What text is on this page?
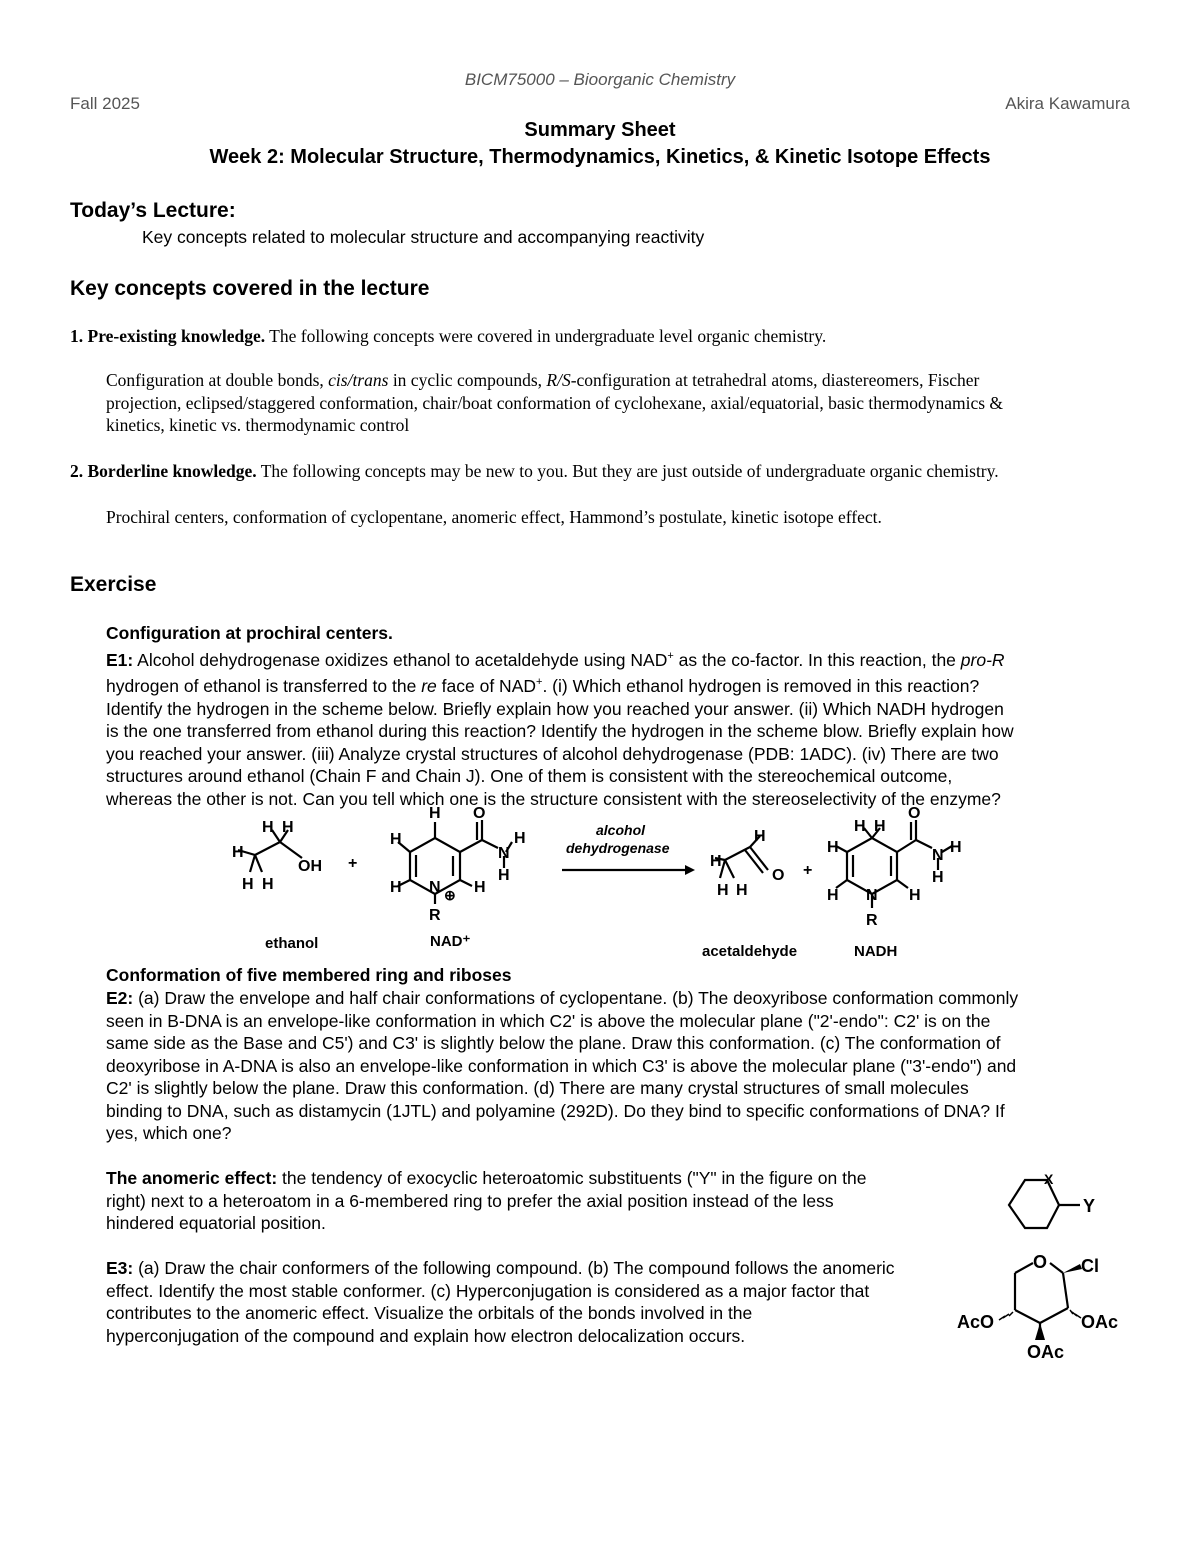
BICM75000 – Bioorganic Chemistry
Fall 2025	Akira Kawamura
Summary Sheet
Week 2: Molecular Structure, Thermodynamics, Kinetics, & Kinetic Isotope Effects
Today’s Lecture:
Key concepts related to molecular structure and accompanying reactivity
Key concepts covered in the lecture
1. Pre-existing knowledge. The following concepts were covered in undergraduate level organic chemistry.
Configuration at double bonds, cis/trans in cyclic compounds, R/S-configuration at tetrahedral atoms, diastereomers, Fischer
projection, eclipsed/staggered conformation, chair/boat conformation of cyclohexane, axial/equatorial, basic thermodynamics &
kinetics, kinetic vs. thermodynamic control
2. Borderline knowledge. The following concepts may be new to you. But they are just outside of undergraduate organic chemistry.
Prochiral centers, conformation of cyclopentane, anomeric effect, Hammond’s postulate, kinetic isotope effect.
Exercise
Configuration at prochiral centers.
E1: Alcohol dehydrogenase oxidizes ethanol to acetaldehyde using NAD+ as the co-factor. In this reaction, the pro-R
hydrogen of ethanol is transferred to the re face of NAD+. (i) Which ethanol hydrogen is removed in this reaction?
Identify the hydrogen in the scheme below. Briefly explain how you reached your answer. (ii) Which NADH hydrogen
is the one transferred from ethanol during this reaction? Identify the hydrogen in the scheme blow. Briefly explain how
you reached your answer. (iii) Analyze crystal structures of alcohol dehydrogenase (PDB: 1ADC). (iv) There are two
structures around ethanol (Chain F and Chain J). One of them is consistent with the stereochemical outcome,
whereas the other is not. Can you tell which one is the structure consistent with the stereoselectivity of the enzyme?
H H
H
OH
H H
+
H
H
H N ⊕ H
O
N
H
H
R
alcohol
dehydrogenase
H
H
O
H H
+
H H
H
H N H
O
N H
H
R
ethanol	NAD⁺
acetaldehyde	NADH
Conformation of five membered ring and riboses
E2: (a) Draw the envelope and half chair conformations of cyclopentane. (b) The deoxyribose conformation commonly
seen in B-DNA is an envelope-like conformation in which C2' is above the molecular plane ("2'-endo": C2' is on the
same side as the Base and C5') and C3' is slightly below the plane. Draw this conformation. (c) The conformation of
deoxyribose in A-DNA is also an envelope-like conformation in which C3' is above the molecular plane ("3'-endo") and
C2' is slightly below the plane. Draw this conformation. (d) There are many crystal structures of small molecules
binding to DNA, such as distamycin (1JTL) and polyamine (292D). Do they bind to specific conformations of DNA? If
yes, which one?
The anomeric effect: the tendency of exocyclic heteroatomic substituents ("Y" in the figure on the
right) next to a heteroatom in a 6-membered ring to prefer the axial position instead of the less
hindered equatorial position.
X
Y
E3: (a) Draw the chair conformers of the following compound. (b) The compound follows the anomeric
effect. Identify the most stable conformer. (c) Hyperconjugation is considered as a major factor that
contributes to the anomeric effect. Visualize the orbitals of the bonds involved in the
hyperconjugation of the compound and explain how electron delocalization occurs.
O Cl
AcO	OAc
OAc
